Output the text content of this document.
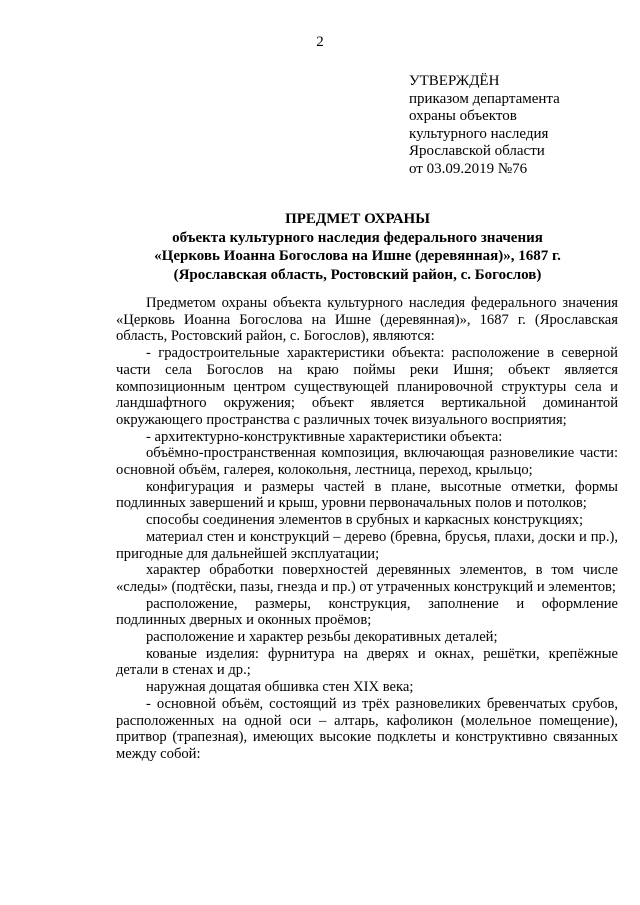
2
УТВЕРЖДЁН
приказом департамента
охраны объектов
культурного наследия
Ярославской области
от 03.09.2019 №76
ПРЕДМЕТ ОХРАНЫ
объекта культурного наследия федерального значения
«Церковь Иоанна Богослова на Ишне (деревянная)», 1687 г.
(Ярославская область, Ростовский район, с. Богослов)

Предметом охраны объекта культурного наследия федерального значения «Церковь Иоанна Богослова на Ишне (деревянная)», 1687 г. (Ярославская область, Ростовский район, с. Богослов), являются:

- градостроительные характеристики объекта: расположение в северной части села Богослов на краю поймы реки Ишня; объект является композиционным центром существующей планировочной структуры села и ландшафтного окружения; объект является вертикальной доминантой окружающего пространства с различных точек визуального восприятия;

- архитектурно-конструктивные характеристики объекта:

объёмно-пространственная композиция, включающая разновеликие части: основной объём, галерея, колокольня, лестница, переход, крыльцо;

конфигурация и размеры частей в плане, высотные отметки, формы подлинных завершений и крыш, уровни первоначальных полов и потолков;

способы соединения элементов в срубных и каркасных конструкциях;

материал стен и конструкций – дерево (бревна, брусья, плахи, доски и пр.), пригодные для дальнейшей эксплуатации;

характер обработки поверхностей деревянных элементов, в том числе «следы» (подтёски, пазы, гнезда и пр.) от утраченных конструкций и элементов;

расположение, размеры, конструкция, заполнение и оформление подлинных дверных и оконных проёмов;

расположение и характер резьбы декоративных деталей;

кованые изделия: фурнитура на дверях и окнах, решётки, крепёжные детали в стенах и др.;

наружная дощатая обшивка стен XIX века;

- основной объём, состоящий из трёх разновеликих бревенчатых срубов, расположенных на одной оси – алтарь, кафоликон (молельное помещение), притвор (трапезная), имеющих высокие подклеты и конструктивно связанных между собой:
